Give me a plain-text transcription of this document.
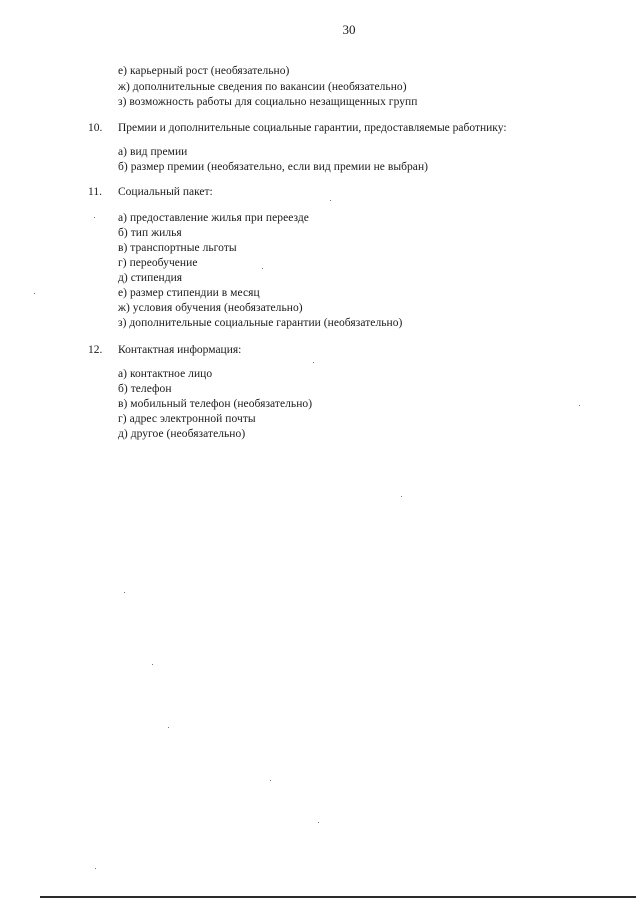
30
е) карьерный рост (необязательно)
ж) дополнительные сведения по вакансии (необязательно)
з) возможность работы для социально незащищенных групп
10. Премии и дополнительные социальные гарантии, предоставляемые работнику:
а) вид премии
б) размер премии (необязательно, если вид премии не выбран)
11. Социальный пакет:
а) предоставление жилья при переезде
б) тип жилья
в) транспортные льготы
г) переобучение
д) стипендия
е) размер стипендии в месяц
ж) условия обучения (необязательно)
з) дополнительные социальные гарантии (необязательно)
12. Контактная информация:
а) контактное лицо
б) телефон
в) мобильный телефон (необязательно)
г) адрес электронной почты
д) другое (необязательно)
